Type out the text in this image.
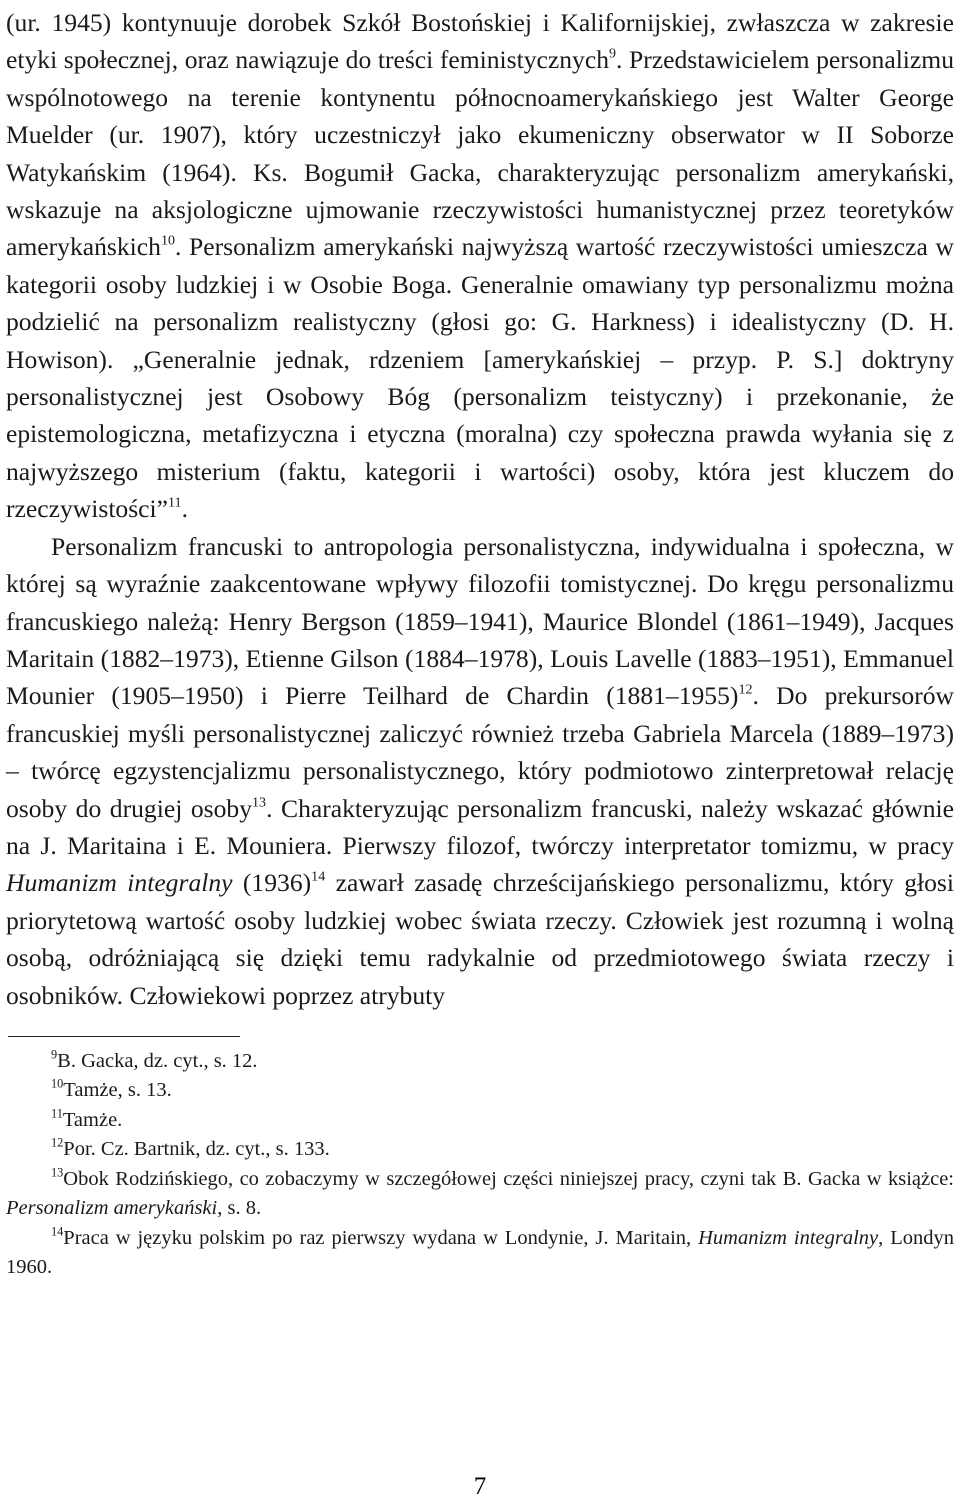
(ur. 1945) kontynuuje dorobek Szkół Bostońskiej i Kalifornijskiej, zwłaszcza w zakresie etyki społecznej, oraz nawiązuje do treści feministycznych$^9$. Przedstawicielem personalizmu wspólnotowego na terenie kontynentu północnoamerykańskiego jest Walter George Muelder (ur. 1907), który uczestniczył jako ekumeniczny obserwator w II Soborze Watykańskim (1964). Ks. Bogumił Gacka, charakteryzując personalizm amerykański, wskazuje na aksjologiczne ujmowanie rzeczywistości humanistycznej przez teoretyków amerykańskich$^{10}$. Personalizm amerykański najwyższą wartość rzeczywistości umieszcza w kategorii osoby ludzkiej i w Osobie Boga. Generalnie omawiany typ personalizmu można podzielić na personalizm realistyczny (głosi go: G. Harkness) i idealistyczny (D. H. Howison). „Generalnie jednak, rdzeniem [amerykańskiej – przyp. P. S.] doktryny personalistycznej jest Osobowy Bóg (personalizm teistyczny) i przekonanie, że epistemologiczna, metafizyczna i etyczna (moralna) czy społeczna prawda wyłania się z najwyższego misterium (faktu, kategorii i wartości) osoby, która jest kluczem do rzeczywistości”$^{11}$.

Personalizm francuski to antropologia personalistyczna, indywidualna i społeczna, w której są wyraźnie zaakcentowane wpływy filozofii tomistycznej. Do kręgu personalizmu francuskiego należą: Henry Bergson (1859–1941), Maurice Blondel (1861–1949), Jacques Maritain (1882–1973), Etienne Gilson (1884–1978), Louis Lavelle (1883–1951), Emmanuel Mounier (1905–1950) i Pierre Teilhard de Chardin (1881–1955)$^{12}$. Do prekursorów francuskiej myśli personalistycznej zaliczyć również trzeba Gabriela Marcela (1889–1973) – twórcę egzystencjalizmu personalistycznego, który podmiotowo zinterpretował relację osoby do drugiej osoby$^{13}$. Charakteryzując personalizm francuski, należy wskazać głównie na J. Maritaina i E. Mouniera. Pierwszy filozof, twórczy interpretator tomizmu, w pracy Humanizm integralny $(1936)^{14}$ zawarł zasadę chrześcijańskiego personalizmu, który głosi priorytetową wartość osoby ludzkiej wobec świata rzeczy. Człowiek jest rozumną i wolną osobą, odróżniającą się dzięki temu radykalnie od przedmiotowego świata rzeczy i osobników. Człowiekowi poprzez atrybuty

$^9$B. Gacka, dz. cyt., s. 12.

$^{10}$Tamże, s. 13.

$^{11}$Tamże.

$^{12}$Por. Cz. Bartnik, dz. cyt., s. 133.

$^{13}$Obok Rodzińskiego, co zobaczymy w szczegółowej części niniejszej pracy, czyni tak B. Gacka w książce: Personalizm amerykański, s. 8.

$^{14}$Praca w języku polskim po raz pierwszy wydana w Londynie, J. Maritain, Humanizm integralny, Londyn 1960.

7
